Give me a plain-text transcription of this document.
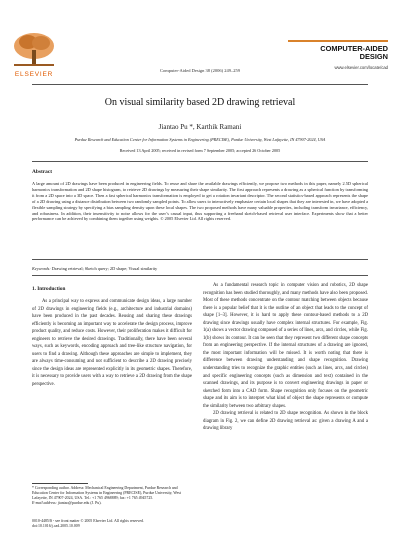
ELSEVIER
Computer-Aided Design 38 (2006) 249–259
COMPUTER-AIDED
DESIGN
www.elsevier.com/locate/cad
On visual similarity based 2D drawing retrieval
Jiantao Pu *, Karthik Ramani
Purdue Research and Education Center for Information Systems in Engineering (PRECISE), Purdue University, West Lafayette, IN 47907-2024, USA
Received 13 April 2005; received in revised form 7 September 2005; accepted 26 October 2005
Abstract
A large amount of 2D drawings have been produced in engineering fields. To reuse and share the available drawings efficiently, we propose two methods in this paper, namely 2.5D spherical harmonics transformation and 2D shape histogram, to retrieve 2D drawings by measuring their shape similarity. The first approach represents a drawing as a spherical function by transforming it from a 2D space into a 3D space. Then a fast spherical harmonics transformation is employed to get a rotation invariant descriptor. The second statistics-based approach represents the shape of a 2D drawing using a distance distribution between two randomly sampled points. To allow users to interactively emphasize certain local shapes that they are interested in, we have adopted a flexible sampling strategy by specifying a bias sampling density upon these local shapes. The two proposed methods have many valuable properties, including transform invariance, efficiency, and robustness. In addition, their insensitivity to noise allows for the user’s casual input, thus supporting a freehand sketch-based retrieval user interface. Experiments show that a better performance can be achieved by combining them together using weights. © 2005 Elsevier Ltd. All rights reserved.
Keywords: Drawing retrieval; Sketch query; 2D shape; Visual similarity
1. Introduction

As a principal way to express and communicate design ideas, a large number of 2D drawings in engineering fields (e.g., architecture and industrial domains) have been produced in the past decades. Reusing and sharing these drawings efficiently is becoming an important way to accelerate the design process, improve product quality, and reduce costs. However, their proliferation makes it difficult for engineers to retrieve the desired drawings. Traditionally, there have been several ways, such as keywords, encoding approach and tree-like structure navigation, for users to find a drawing. Although these approaches are simple to implement, they are always time-consuming and not sufficient to describe a 2D drawing precisely since the design ideas are represented explicitly in its geometric shapes. Therefore, it is necessary to provide users with a way to retrieve a 2D drawing from the shape perspective.

As a fundamental research topic in computer vision and robotics, 2D shape recognition has been studied thoroughly, and many methods have also been proposed. Most of these methods concentrate on the contour matching between objects because there is a popular belief that it is the outline of an object that leads to the concept of shape [1–3]. However, it is hard to apply these contour-based methods to a 2D drawing since drawings usually have complex internal structures. For example, Fig. 1(a) shows a vector drawing composed of a series of lines, arcs, and circles, while Fig. 1(b) shows its contour. It can be seen that they represent two different shape concepts from an engineering perspective. If the internal structures of a drawing are ignored, the most important information will be missed. It is worth noting that there is difference between drawing understanding and shape recognition. Drawing understanding tries to recognize the graphic entities (such as lines, arcs, and circles) and specific engineering concepts (such as dimension and text) contained in the scanned drawings, and its purpose is to convert engineering drawings in paper or sketched form into a CAD form. Shape recognition only focuses on the geometric shape and its aim is to interpret what kind of object the shape represents or compute the similarity between two arbitrary shapes.

2D drawing retrieval is related to 2D shape recognition. As shown in the block diagram in Fig. 2, we can define 2D drawing retrieval as: given a drawing A and a drawing library

* Corresponding author. Address: Mechanical Engineering Department, Purdue Research and Education Center for Information Systems in Engineering (PRECISE), Purdue University, West Lafayette, IN 47907-2024, USA. Tel.: +1 765 4968889; fax: +1 765 4945725.
E-mail address: jiantao@purdue.edu (J. Pu).
0010-4485/$ - see front matter © 2005 Elsevier Ltd. All rights reserved.
doi:10.1016/j.cad.2005.10.009
